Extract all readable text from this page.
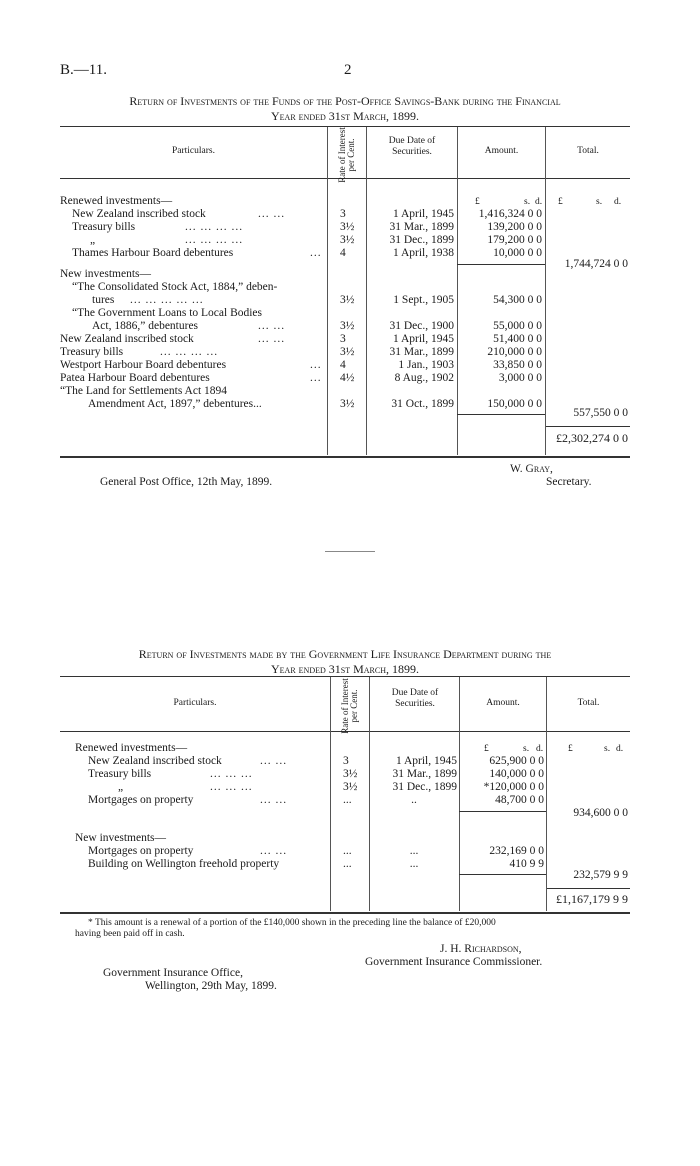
B.—11.	2
Return of Investments of the Funds of the Post-Office Savings-Bank during the Financial
Year ended 31st March, 1899.
Particulars.	Rate of Interest per Cent.	Due Date of Securities.	Amount.	Total.
£	s. d. £	s. d.
Renewed investments—
New Zealand inscribed stock	... ...	3	1 April, 1945	1,416,324 0 0
Treasury bills	... ... ... ...	3½	31 Mar., 1899	139,200 0 0
„	... ... ... ...	3½	31 Dec., 1899	179,200 0 0
Thames Harbour Board debentures	... 4	1 April, 1938	10,000 0 0
1,744,724 0 0
New investments—
“The Consolidated Stock Act, 1884,” deben-
tures ... ... ... ... ...	3½	1 Sept., 1905	54,300 0 0
“The Government Loans to Local Bodies
Act, 1886,” debentures	... ...	3½	31 Dec., 1900	55,000 0 0
New Zealand inscribed stock	... ...	3	1 April, 1945	51,400 0 0
Treasury bills	... ... ... ...	3½	31 Mar., 1899	210,000 0 0
Westport Harbour Board debentures	... 4	1 Jan., 1903	33,850 0 0
Patea Harbour Board debentures	... 4½	8 Aug., 1902	3,000 0 0
“The Land for Settlements Act 1894
Amendment Act, 1897,” debentures...	3½	31 Oct., 1899	150,000 0 0
557,550 0 0
£2,302,274 0 0
W. Gray,
Secretary.
General Post Office, 12th May, 1899.
Return of Investments made by the Government Life Insurance Department during the
Year ended 31st March, 1899.
Particulars.	Rate of Interest per Cent.	Due Date of Securities.	Amount.	Total.
£	s. d.	£	s. d.
Renewed investments—
New Zealand inscribed stock	... ...	3	1 April, 1945	625,900 0 0
Treasury bills	... ... ...	3½	31 Mar., 1899	140,000 0 0
„	... ... ...	3½	31 Dec., 1899	*120,000 0 0
Mortgages on property	... ...	...	..	48,700 0 0
934,600 0 0
New investments—
Mortgages on property	... ...	...	...	232,169 0 0
Building on Wellington freehold property	...	...	410 9 9
232,579 9 9
£1,167,179 9 9
* This amount is a renewal of a portion of the £140,000 shown in the preceding line the balance of £20,000
having been paid off in cash.
J. H. Richardson,
Government Insurance Commissioner.
Government Insurance Office,
Wellington, 29th May, 1899.
